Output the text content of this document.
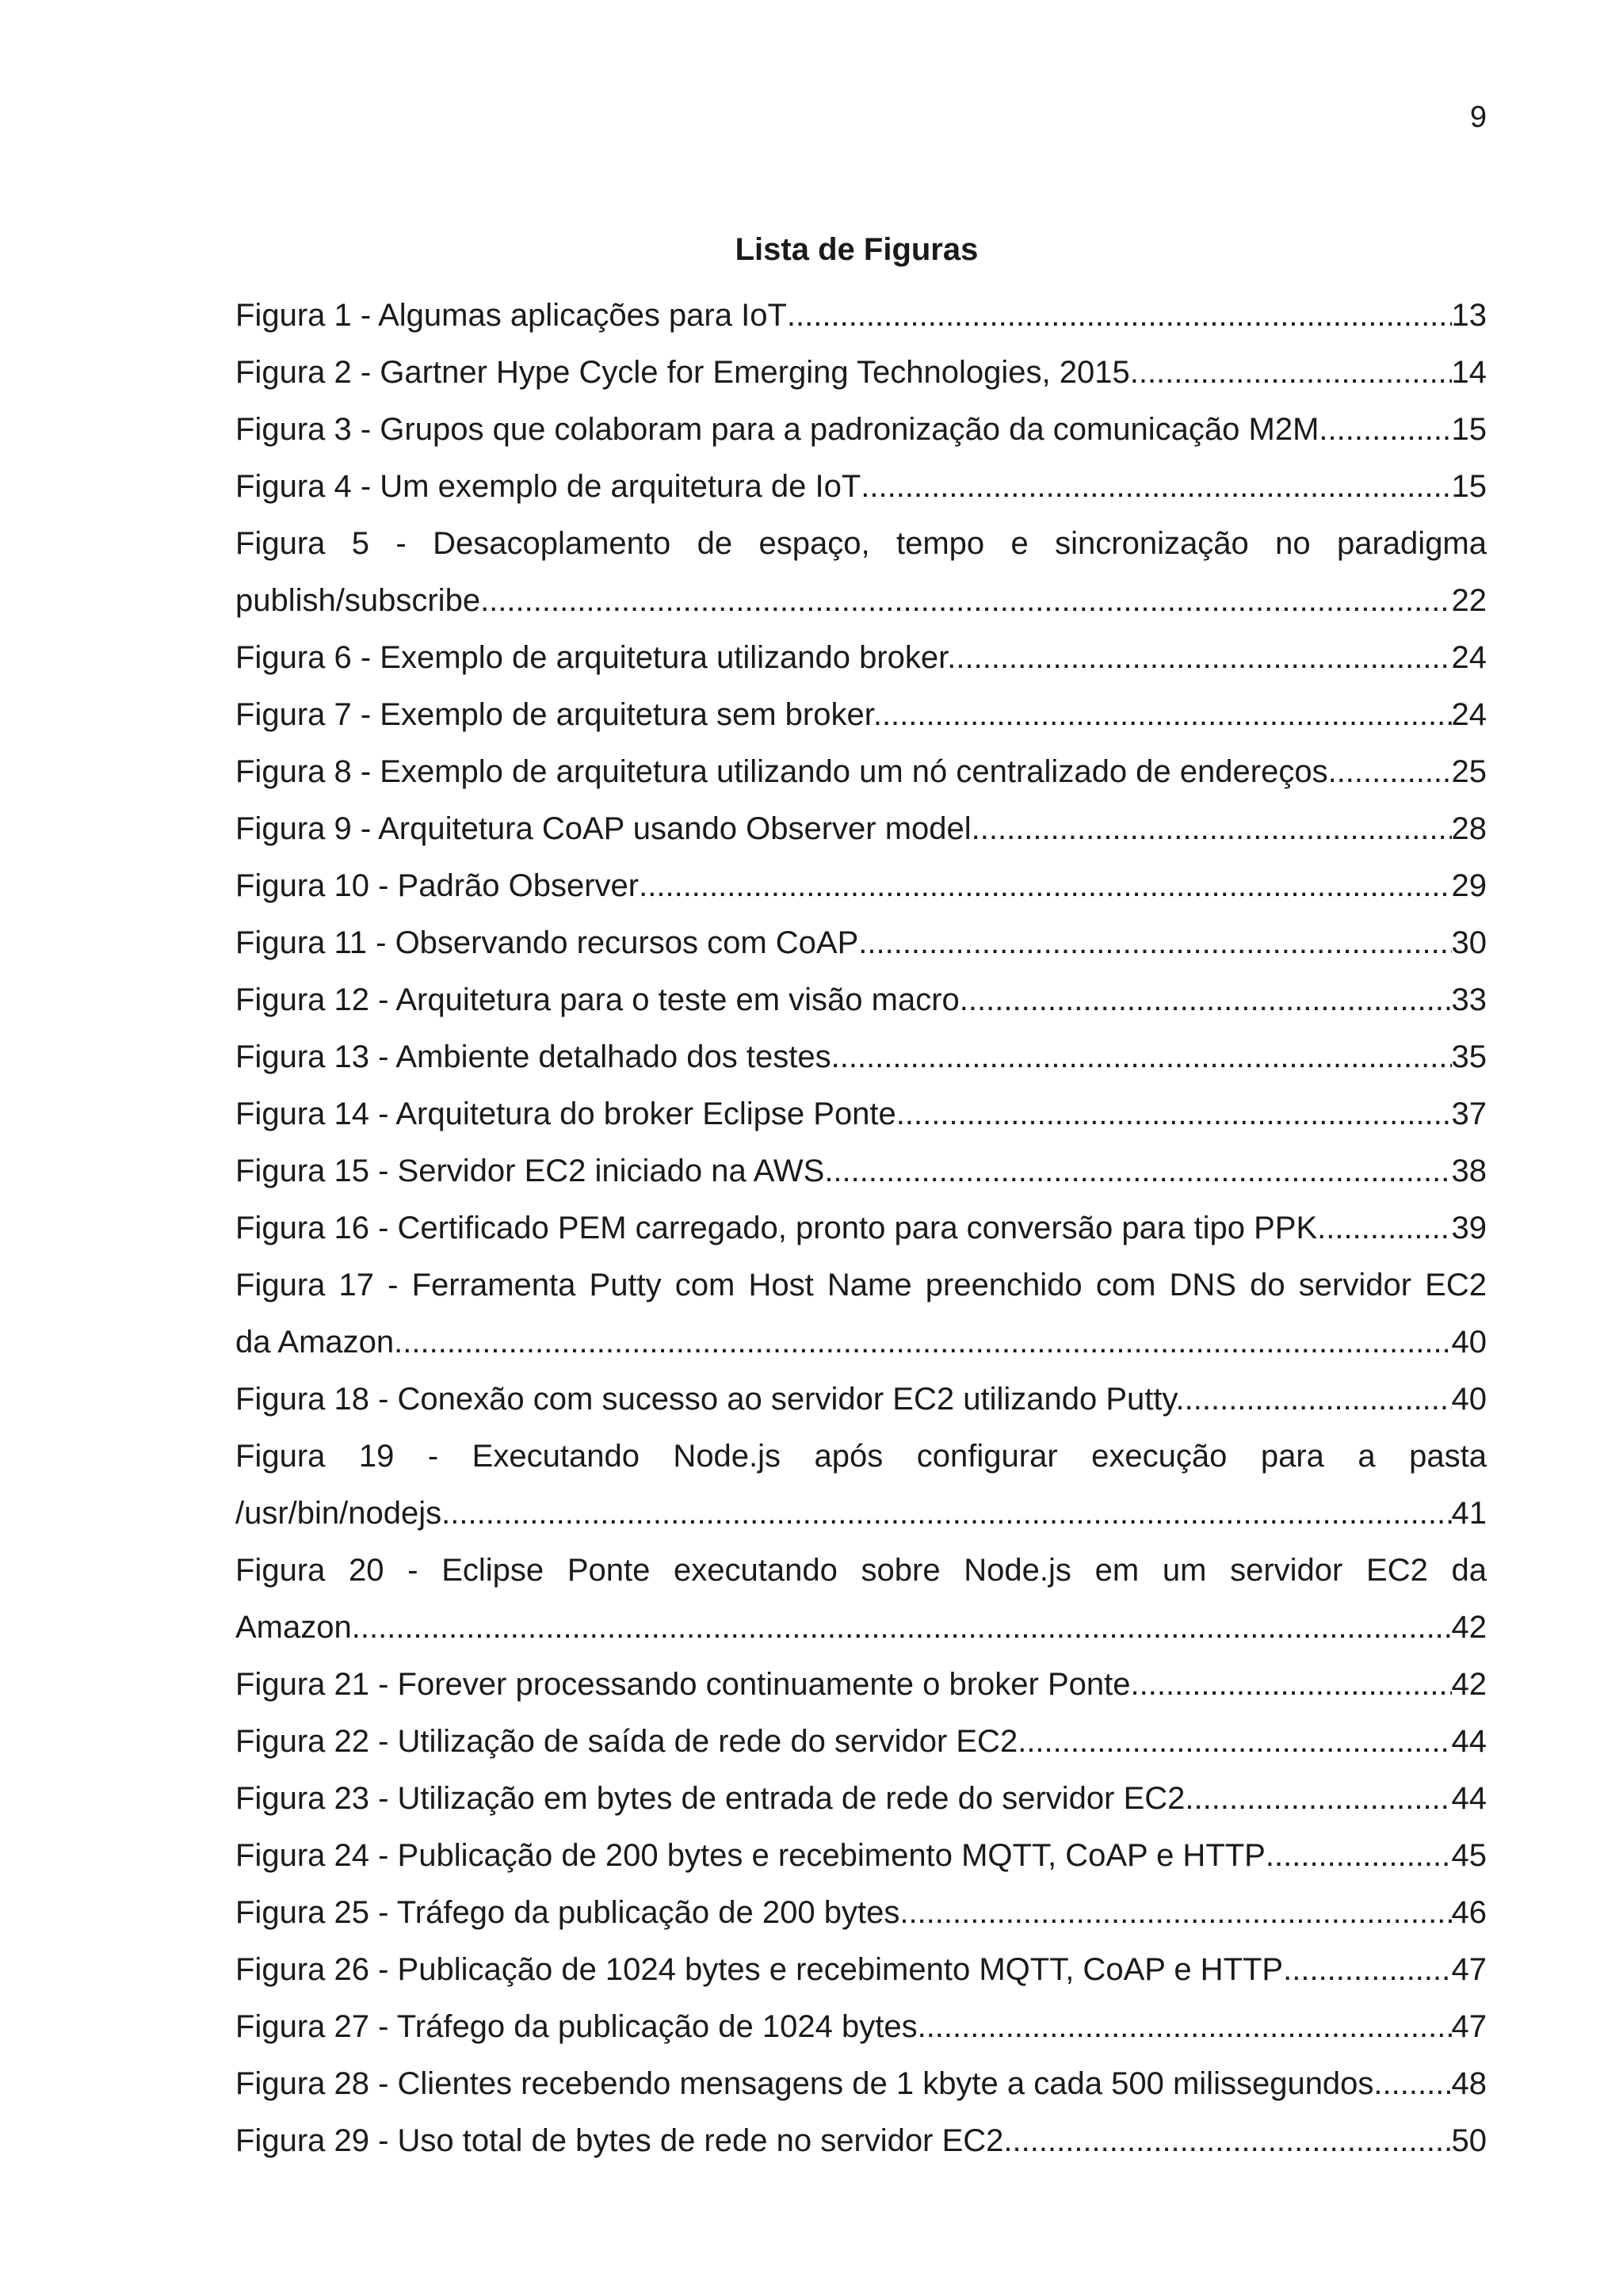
9
Lista de Figuras
Figura 1 - Algumas aplicações para IoT .....	13
Figura 2 - Gartner Hype Cycle for Emerging Technologies, 2015 .....	14
Figura 3 - Grupos que colaboram para a padronização da comunicação M2M .....	15
Figura 4 - Um exemplo de arquitetura de IoT .....	15
Figura 5 - Desacoplamento de espaço, tempo e sincronização no paradigma
publish/subscribe .....	22
Figura 6 - Exemplo de arquitetura utilizando broker. .....	24
Figura 7 - Exemplo de arquitetura sem broker. .....	24
Figura 8 - Exemplo de arquitetura utilizando um nó centralizado de endereços. .....	25
Figura 9 - Arquitetura CoAP usando Observer model .....	28
Figura 10 - Padrão Observer .....	29
Figura 11 - Observando recursos com CoAP .....	30
Figura 12 - Arquitetura para o teste em visão macro .....	33
Figura 13 - Ambiente detalhado dos testes .....	35
Figura 14 - Arquitetura do broker Eclipse Ponte .....	37
Figura 15 - Servidor EC2 iniciado na AWS .....	38
Figura 16 - Certificado PEM carregado, pronto para conversão para tipo PPK .....	39
Figura 17 - Ferramenta Putty com Host Name preenchido com DNS do servidor EC2
da Amazon .....	40
Figura 18 - Conexão com sucesso ao servidor EC2 utilizando Putty. .....	40
Figura 19 - Executando Node.js após configurar execução para a pasta
/usr/bin/nodejs .....	41
Figura 20 - Eclipse Ponte executando sobre Node.js em um servidor EC2 da
Amazon .....	42
Figura 21 - Forever processando continuamente o broker Ponte .....	42
Figura 22 - Utilização de saída de rede do servidor EC2. .....	44
Figura 23 - Utilização em bytes de entrada de rede do servidor EC2. .....	44
Figura 24 - Publicação de 200 bytes e recebimento MQTT, CoAP e HTTP .....	45
Figura 25 - Tráfego da publicação de 200 bytes .....	46
Figura 26 - Publicação de 1024 bytes e recebimento MQTT, CoAP e HTTP .....	47
Figura 27 - Tráfego da publicação de 1024 bytes .....	47
Figura 28 - Clientes recebendo mensagens de 1 kbyte a cada 500 milissegundos. ..... 48
Figura 29 - Uso total de bytes de rede no servidor EC2 .....	50
